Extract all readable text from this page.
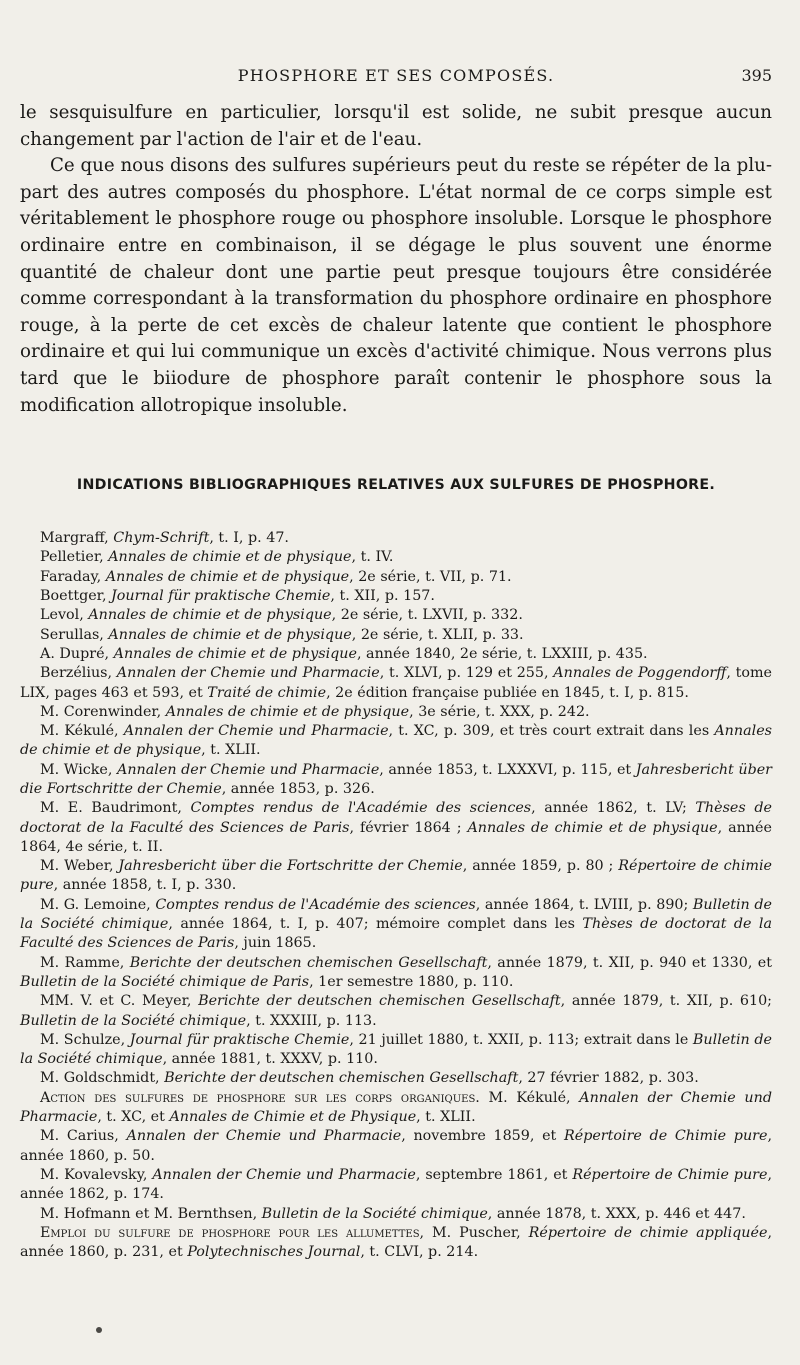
PHOSPHORE ET SES COMPOSÉS.	395

le sesquisulfure en particulier, lorsqu'il est solide, ne subit presque aucun changement par l'action de l'air et de l'eau.

Ce que nous disons des sulfures supérieurs peut du reste se répéter de la plupart des autres composés du phosphore. L'état normal de ce corps simple est véritablement le phosphore rouge ou phosphore insoluble. Lorsque le phosphore ordinaire entre en combinaison, il se dégage le plus souvent une énorme quantité de chaleur dont une partie peut presque toujours être considérée comme correspondant à la transformation du phosphore ordinaire en phosphore rouge, à la perte de cet excès de chaleur latente que contient le phosphore ordinaire et qui lui communique un excès d'activité chimique. Nous verrons plus tard que le biiodure de phosphore paraît contenir le phosphore sous la modification allotropique insoluble.

INDICATIONS BIBLIOGRAPHIQUES RELATIVES AUX SULFURES DE PHOSPHORE.

Margraff, Chym-Schrift, t. I, p. 47.

Pelletier, Annales de chimie et de physique, t. IV.

Faraday, Annales de chimie et de physique, 2e série, t. VII, p. 71.

Boettger, Journal für praktische Chemie, t. XII, p. 157.

Levol, Annales de chimie et de physique, 2e série, t. LXVII, p. 332.

Serullas, Annales de chimie et de physique, 2e série, t. XLII, p. 33.

A. Dupré, Annales de chimie et de physique, année 1840, 2e série, t. LXXIII, p. 435.

Berzélius, Annalen der Chemie und Pharmacie, t. XLVI, p. 129 et 255, Annales de Poggendorff, tome LIX, pages 463 et 593, et Traité de chimie, 2e édition française publiée en 1845, t. I, p. 815.

M. Corenwinder, Annales de chimie et de physique, 3e série, t. XXX, p. 242.

M. Kékulé, Annalen der Chemie und Pharmacie, t. XC, p. 309, et très court extrait dans les Annales de chimie et de physique, t. XLII.

M. Wicke, Annalen der Chemie und Pharmacie, année 1853, t. LXXXVI, p. 115, et Jahresbericht über die Fortschritte der Chemie, année 1853, p. 326.

M. E. Baudrimont, Comptes rendus de l'Académie des sciences, année 1862, t. LV; Thèses de doctorat de la Faculté des Sciences de Paris, février 1864 ; Annales de chimie et de physique, année 1864, 4e série, t. II.

M. Weber, Jahresbericht über die Fortschritte der Chemie, année 1859, p. 80 ; Répertoire de chimie pure, année 1858, t. I, p. 330.

M. G. Lemoine, Comptes rendus de l'Académie des sciences, année 1864, t. LVIII, p. 890; Bulletin de la Société chimique, année 1864, t. I, p. 407; mémoire complet dans les Thèses de doctorat de la Faculté des Sciences de Paris, juin 1865.

M. Ramme, Berichte der deutschen chemischen Gesellschaft, année 1879, t. XII, p. 940 et 1330, et Bulletin de la Société chimique de Paris, 1er semestre 1880, p. 110.

MM. V. et C. Meyer, Berichte der deutschen chemischen Gesellschaft, année 1879, t. XII, p. 610; Bulletin de la Société chimique, t. XXXIII, p. 113.

M. Schulze, Journal für praktische Chemie, 21 juillet 1880, t. XXII, p. 113; extrait dans le Bulletin de la Société chimique, année 1881, t. XXXV, p. 110.

M. Goldschmidt, Berichte der deutschen chemischen Gesellschaft, 27 février 1882, p. 303.

Action des sulfures de phosphore sur les corps organiques. M. Kékulé, Annalen der Chemie und Pharmacie, t. XC, et Annales de Chimie et de Physique, t. XLII.

M. Carius, Annalen der Chemie und Pharmacie, novembre 1859, et Répertoire de Chimie pure, année 1860, p. 50.

M. Kovalevsky, Annalen der Chemie und Pharmacie, septembre 1861, et Répertoire de Chimie pure, année 1862, p. 174.

M. Hofmann et M. Bernthsen, Bulletin de la Société chimique, année 1878, t. XXX, p. 446 et 447.

Emploi du sulfure de phosphore pour les allumettes, M. Puscher, Répertoire de chimie appliquée, année 1860, p. 231, et Polytechnisches Journal, t. CLVI, p. 214.
